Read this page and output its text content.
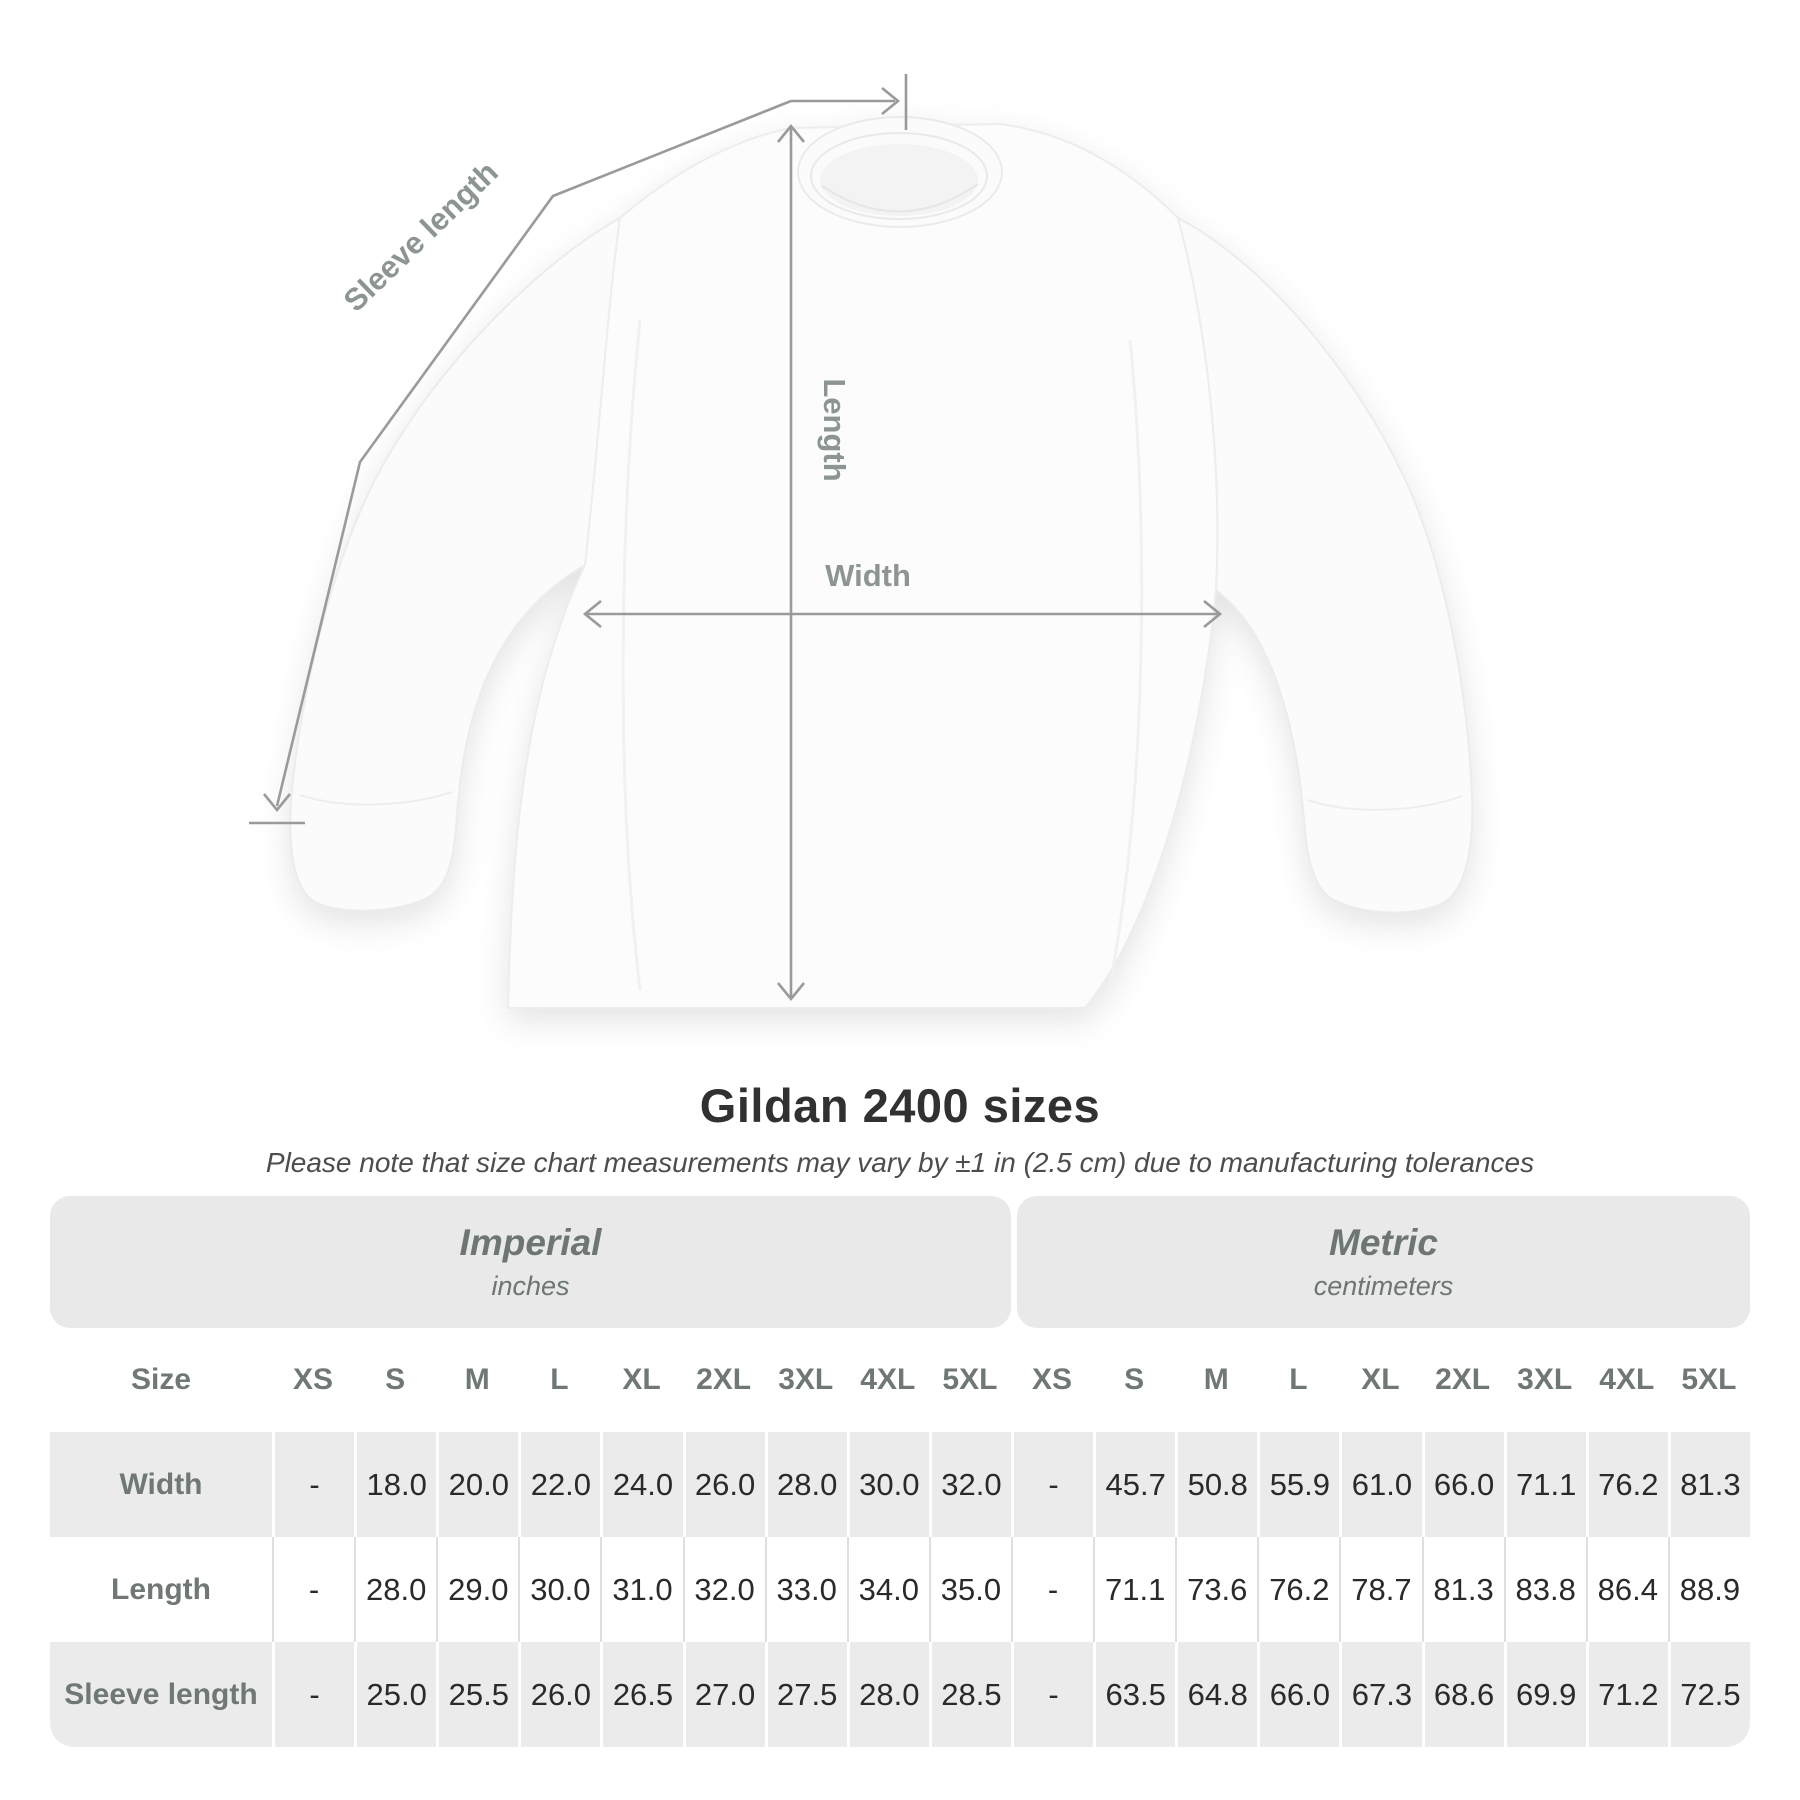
Sleeve length
Length
Width
Gildan 2400 sizes

Please note that size chart measurements may vary by ±1 in (2.5 cm) due to manufacturing tolerances

Imperial
inches
Metric
centimeters
Size	XS	S	M	L	XL	2XL 3XL 4XL 5XL	XS	S	M	L	XL	2XL 3XL 4XL 5XL
Width	-	18.0 20.0 22.0 24.0 26.0 28.0 30.0 32.0	-	45.7 50.8 55.9 61.0 66.0 71.1 76.2 81.3
Length	-	28.0 29.0 30.0 31.0 32.0 33.0 34.0 35.0	-	71.1 73.6 76.2 78.7 81.3 83.8 86.4 88.9
Sleeve length	-	25.0 25.5 26.0 26.5 27.0 27.5 28.0 28.5	-	63.5 64.8 66.0 67.3 68.6 69.9 71.2 72.5
